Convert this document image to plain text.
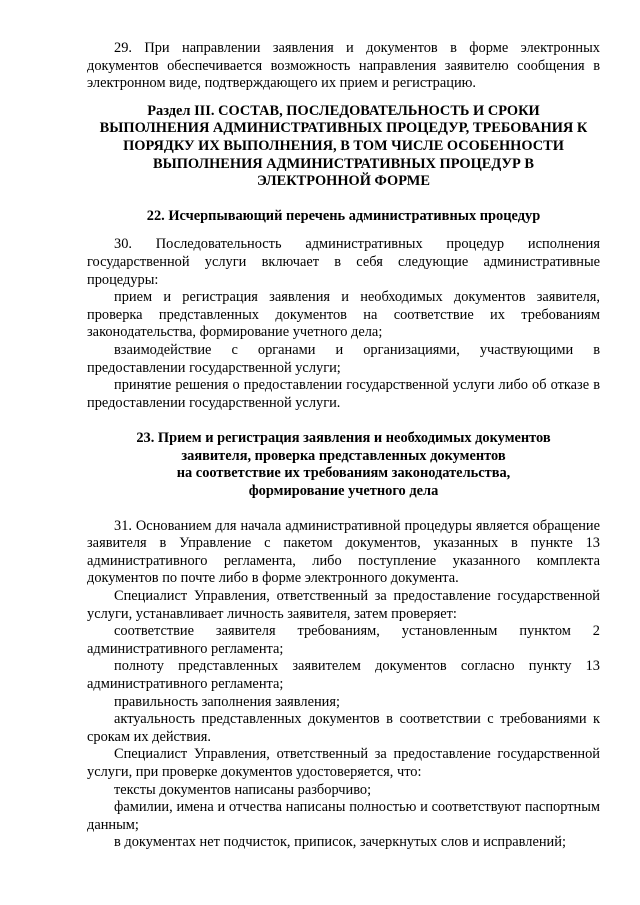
29. При направлении заявления и документов в форме электронных документов обеспечивается возможность направления заявителю сообщения в электронном виде, подтверждающего их прием и регистрацию.

Раздел III. СОСТАВ, ПОСЛЕДОВАТЕЛЬНОСТЬ И СРОКИ

ВЫПОЛНЕНИЯ АДМИНИСТРАТИВНЫХ ПРОЦЕДУР, ТРЕБОВАНИЯ К

ПОРЯДКУ ИХ ВЫПОЛНЕНИЯ, В ТОМ ЧИСЛЕ ОСОБЕННОСТИ

ВЫПОЛНЕНИЯ АДМИНИСТРАТИВНЫХ ПРОЦЕДУР В

ЭЛЕКТРОННОЙ ФОРМЕ

22. Исчерпывающий перечень административных процедур

30. Последовательность административных процедур исполнения государственной услуги включает в себя следующие административные процедуры:

прием и регистрация заявления и необходимых документов заявителя, проверка представленных документов на соответствие их требованиям законодательства, формирование учетного дела;

взаимодействие с органами и организациями, участвующими в предоставлении государственной услуги;

принятие решения о предоставлении государственной услуги либо об отказе в предоставлении государственной услуги.

23. Прием и регистрация заявления и необходимых документов

заявителя, проверка представленных документов

на соответствие их требованиям законодательства,

формирование учетного дела

31. Основанием для начала административной процедуры является обращение заявителя в Управление с пакетом документов, указанных в пункте 13 административного регламента, либо поступление указанного комплекта документов по почте либо в форме электронного документа.

Специалист Управления, ответственный за предоставление государственной услуги, устанавливает личность заявителя, затем проверяет:

соответствие заявителя требованиям, установленным пунктом 2 административного регламента;

полноту представленных заявителем документов согласно пункту 13 административного регламента;

правильность заполнения заявления;

актуальность представленных документов в соответствии с требованиями к срокам их действия.

Специалист Управления, ответственный за предоставление государственной услуги, при проверке документов удостоверяется, что:

тексты документов написаны разборчиво;

фамилии, имена и отчества написаны полностью и соответствуют паспортным данным;

в документах нет подчисток, приписок, зачеркнутых слов и исправлений;
